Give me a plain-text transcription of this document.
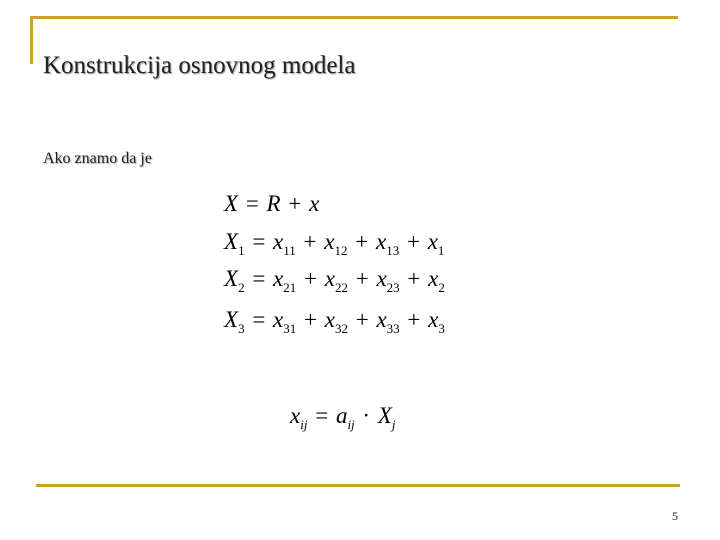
Konstrukcija osnovnog modela
Ako znamo da je
X = R + x
$X_1 = x_{11} + x_{12} + x_{13} + x_1$
$X_2 = x_{21} + x_{22} + x_{23} + x_2$
$X_3 = x_{31} + x_{32} + x_{33} + x_3$
$x_{ij} = a_{ij} \cdot X_j$
5
